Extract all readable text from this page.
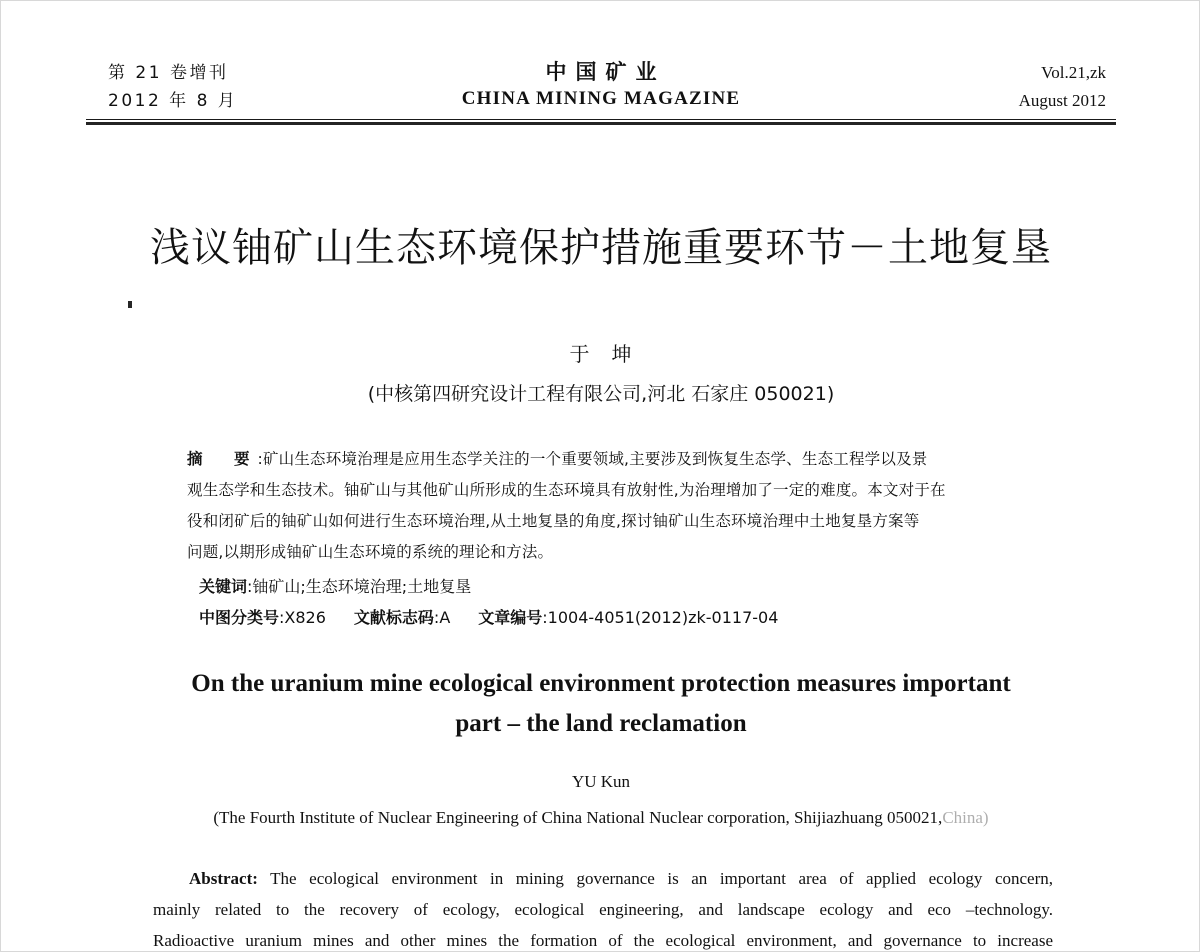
第 21 卷增刊
2012 年 8 月
中国矿业
CHINA MINING MAGAZINE
Vol.21,zk
August 2012
浅议铀矿山生态环境保护措施重要环节－土地复垦
于　坤
(中核第四研究设计工程有限公司,河北 石家庄 050021)
摘　要:矿山生态环境治理是应用生态学关注的一个重要领域,主要涉及到恢复生态学、生态工程学以及景
观生态学和生态技术。铀矿山与其他矿山所形成的生态环境具有放射性,为治理增加了一定的难度。本文对于在
役和闭矿后的铀矿山如何进行生态环境治理,从土地复垦的角度,探讨铀矿山生态环境治理中土地复垦方案等
问题,以期形成铀矿山生态环境的系统的理论和方法。
关键词:铀矿山;生态环境治理;土地复垦
中图分类号:X826 文献标志码:A 文章编号:1004-4051(2012)zk-0117-04
On the uranium mine ecological environment protection measures important
part – the land reclamation
YU Kun
(The Fourth Institute of Nuclear Engineering of China National Nuclear corporation, Shijiazhuang 050021,China)
Abstract: The ecological environment in mining governance is an important area of applied ecology concern,
mainly related to the recovery of ecology, ecological engineering, and landscape ecology and eco –technology.
Radioactive uranium mines and other mines the formation of the ecological environment, and governance to increase
